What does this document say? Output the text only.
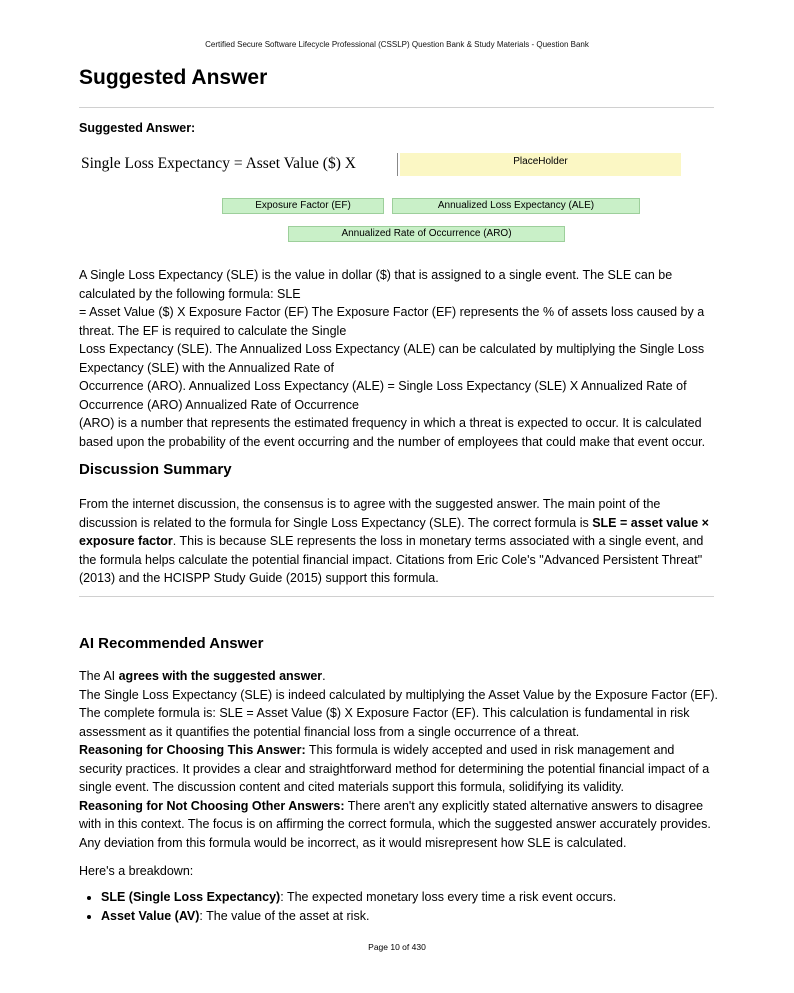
Certified Secure Software Lifecycle Professional (CSSLP) Question Bank & Study Materials - Question Bank
Suggested Answer
Suggested Answer:
Single Loss Expectancy = Asset Value ($) X	PlaceHolder
Exposure Factor (EF)	Annualized Loss Expectancy (ALE)
Annualized Rate of Occurrence (ARO)

A Single Loss Expectancy (SLE) is the value in dollar ($) that is assigned to a single event. The SLE can be calculated by the following formula: SLE

= Asset Value ($) X Exposure Factor (EF) The Exposure Factor (EF) represents the % of assets loss caused by a threat. The EF is required to calculate the Single

Loss Expectancy (SLE). The Annualized Loss Expectancy (ALE) can be calculated by multiplying the Single Loss Expectancy (SLE) with the Annualized Rate of

Occurrence (ARO). Annualized Loss Expectancy (ALE) = Single Loss Expectancy (SLE) X Annualized Rate of Occurrence (ARO) Annualized Rate of Occurrence

(ARO) is a number that represents the estimated frequency in which a threat is expected to occur. It is calculated based upon the probability of the event occurring and the number of employees that could make that event occur.

Discussion Summary
From the internet discussion, the consensus is to agree with the suggested answer. The main point of the discussion is related to the formula for Single Loss Expectancy (SLE). The correct formula is SLE = asset value × exposure factor. This is because SLE represents the loss in monetary terms associated with a single event, and the formula helps calculate the potential financial impact. Citations from Eric Cole's "Advanced Persistent Threat" (2013) and the HCISPP Study Guide (2015) support this formula.
AI Recommended Answer

The AI agrees with the suggested answer.

The Single Loss Expectancy (SLE) is indeed calculated by multiplying the Asset Value by the Exposure Factor (EF). The complete formula is: SLE = Asset Value ($) X Exposure Factor (EF). This calculation is fundamental in risk assessment as it quantifies the potential financial loss from a single occurrence of a threat.

Reasoning for Choosing This Answer: This formula is widely accepted and used in risk management and security practices. It provides a clear and straightforward method for determining the potential financial impact of a single event. The discussion content and cited materials support this formula, solidifying its validity.

Reasoning for Not Choosing Other Answers: There aren't any explicitly stated alternative answers to disagree with in this context. The focus is on affirming the correct formula, which the suggested answer accurately provides. Any deviation from this formula would be incorrect, as it would misrepresent how SLE is calculated.

Here's a breakdown:

• SLE (Single Loss Expectancy): The expected monetary loss every time a risk event occurs.
• Asset Value (AV): The value of the asset at risk.
Page 10 of 430
